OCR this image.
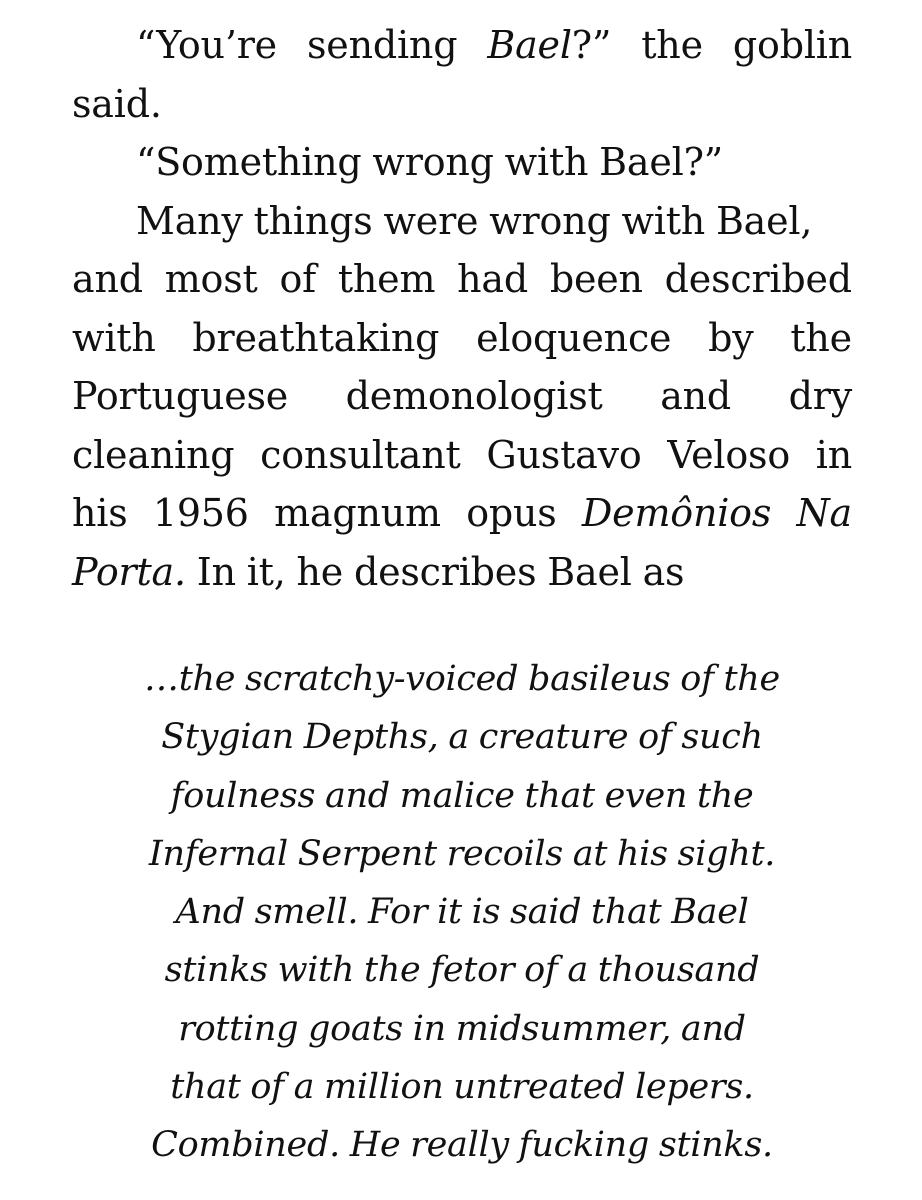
“You’re sending Bael?” the goblin
said.
“Something wrong with Bael?”
Many things were wrong with Bael,
and most of them had been described
with breathtaking eloquence by the
Portuguese demonologist and dry
cleaning consultant Gustavo Veloso in
his 1956 magnum opus Demônios Na
Porta. In it, he describes Bael as
…the scratchy-voiced basileus of the
Stygian Depths, a creature of such
foulness and malice that even the
Infernal Serpent recoils at his sight.
And smell. For it is said that Bael
stinks with the fetor of a thousand
rotting goats in midsummer, and
that of a million untreated lepers.
Combined. He really fucking stinks.
